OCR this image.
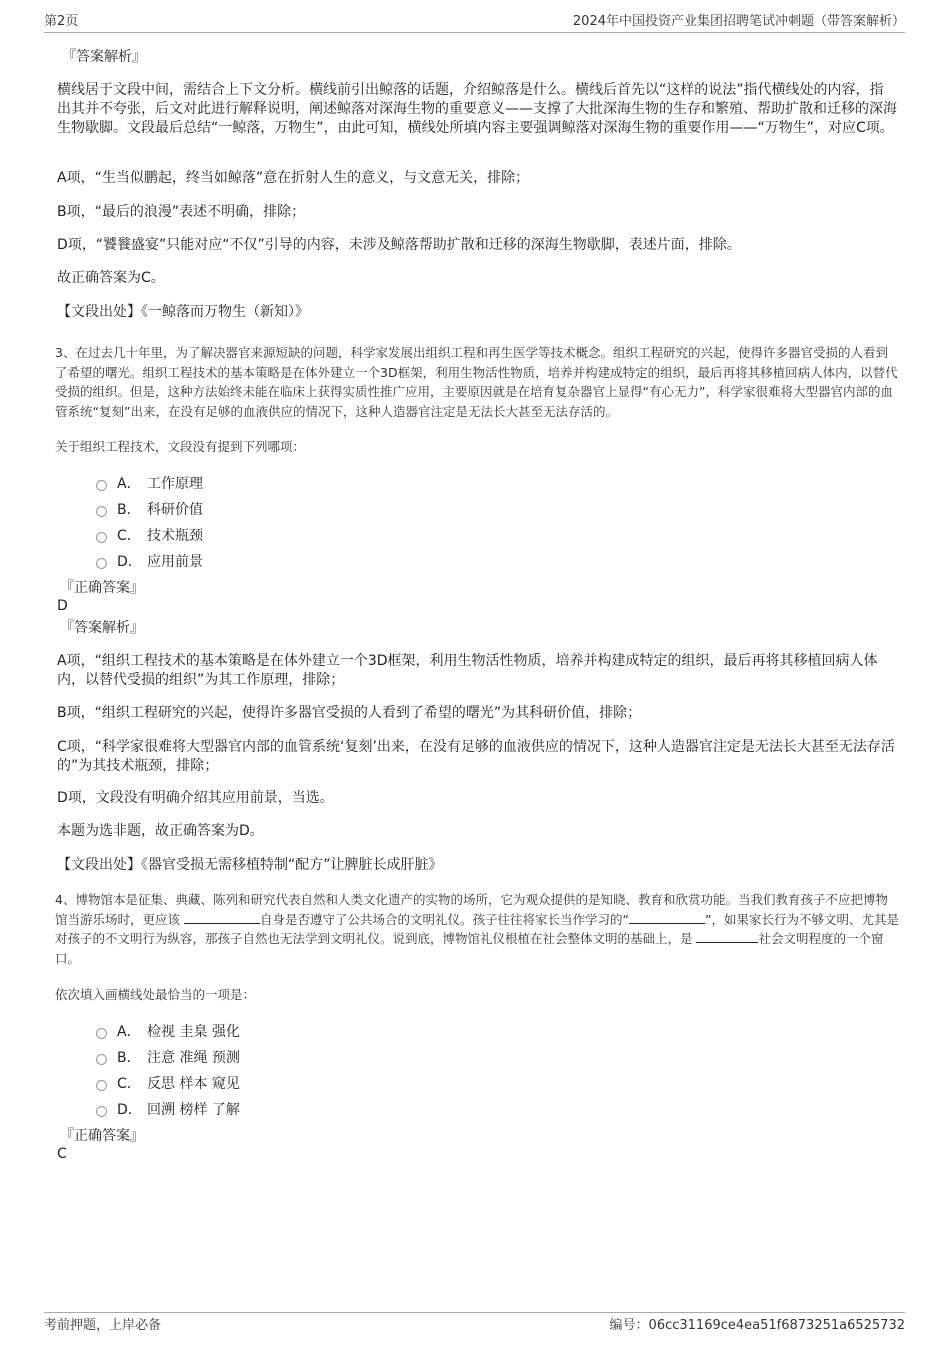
第2页	2024年中国投资产业集团招聘笔试冲刺题（带答案解析）
『答案解析』
横线居于文段中间，需结合上下文分析。横线前引出鲸落的话题，介绍鲸落是什么。横线后首先以“这样的说法”指代横线处的内容，指出其并不夸张，后文对此进行解释说明，阐述鲸落对深海生物的重要意义——支撑了大批深海生物的生存和繁殖、帮助扩散和迁移的深海生物歇脚。文段最后总结“一鲸落，万物生”，由此可知，横线处所填内容主要强调鲸落对深海生物的重要作用——“万物生”，对应C项。
A项，“生当似鹏起，终当如鲸落”意在折射人生的意义，与文意无关，排除；
B项，“最后的浪漫”表述不明确，排除；
D项，“饕餮盛宴”只能对应“不仅”引导的内容，未涉及鲸落帮助扩散和迁移的深海生物歇脚，表述片面，排除。
故正确答案为C。
【文段出处】《一鲸落而万物生（新知）》
3、在过去几十年里，为了解决器官来源短缺的问题，科学家发展出组织工程和再生医学等技术概念。组织工程研究的兴起，使得许多器官受损的人看到了希望的曙光。组织工程技术的基本策略是在体外建立一个3D框架，利用生物活性物质，培养并构建成特定的组织，最后再将其移植回病人体内，以替代受损的组织。但是，这种方法始终未能在临床上获得实质性推广应用，主要原因就是在培育复杂器官上显得“有心无力”，科学家很难将大型器官内部的血管系统“复刻”出来，在没有足够的血液供应的情况下，这种人造器官注定是无法长大甚至无法存活的。
关于组织工程技术，文段没有提到下列哪项：
A． 工作原理
B． 科研价值
C． 技术瓶颈
D． 应用前景
『正确答案』
D
『答案解析』
A项，“组织工程技术的基本策略是在体外建立一个3D框架，利用生物活性物质，培养并构建成特定的组织，最后再将其移植回病人体内，以替代受损的组织”为其工作原理，排除；
B项，“组织工程研究的兴起，使得许多器官受损的人看到了希望的曙光”为其科研价值，排除；
C项，“科学家很难将大型器官内部的血管系统‘复刻’出来，在没有足够的血液供应的情况下，这种人造器官注定是无法长大甚至无法存活的”为其技术瓶颈，排除；
D项，文段没有明确介绍其应用前景，当选。
本题为选非题，故正确答案为D。
【文段出处】《器官受损无需移植特制“配方”让脾脏长成肝脏》
4、博物馆本是征集、典藏、陈列和研究代表自然和人类文化遗产的实物的场所，它为观众提供的是知晓、教育和欣赏功能。当我们教育孩子不应把博物馆当游乐场时，更应该	自身是否遵守了公共场合的文明礼仪。孩子往往将家长当作学习的“	”，如果家长行为不够文明、尤其是对孩子的不文明行为纵容，那孩子自然也无法学到文明礼仪。说到底，博物馆礼仪根植在社会整体文明的基础上，是	社会文明程度的一个窗口。
依次填入画横线处最恰当的一项是：
A． 检视 圭臬 强化
B． 注意 准绳 预测
C． 反思 样本 窥见
D． 回溯 榜样 了解
『正确答案』
C
考前押题，上岸必备	编号：06cc31169ce4ea51f6873251a6525732
